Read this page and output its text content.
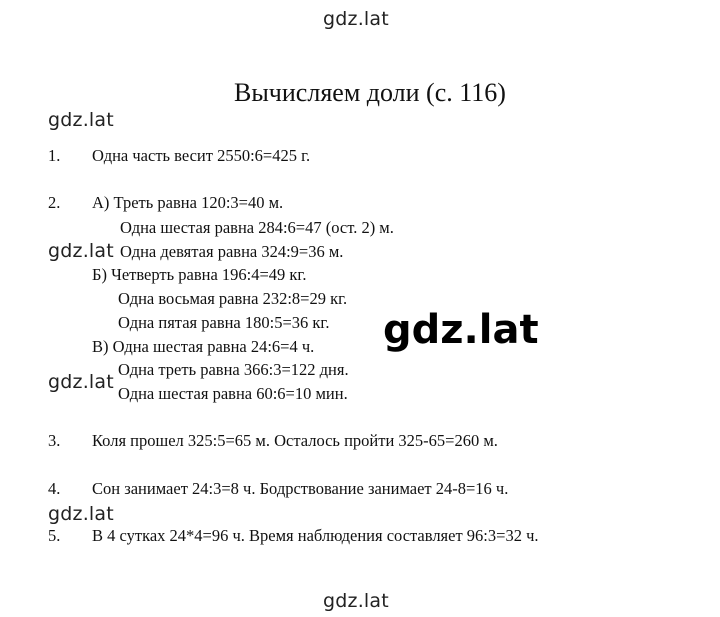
gdz.lat
gdz.lat
Вычисляем доли (с. 116)
1. Одна часть весит 2550:6=425 г.
2. А) Треть равна 120:3=40 м.
Одна шестая равна 284:6=47 (ост. 2) м.
gdz.lat Одна девятая равна 324:9=36 м.
Б) Четверть равна 196:4=49 кг.
Одна восьмая равна 232:8=29 кг.
Одна пятая равна 180:5=36 кг.
В) Одна шестая равна 24:6=4 ч.
gdz.lat
Одна треть равна 366:3=122 дня.
Одна шестая равна 60:6=10 мин.
gdz.lat
3. Коля прошел 325:5=65 м. Осталось пройти 325-65=260 м.
4. Сон занимает 24:3=8 ч. Бодрствование занимает 24-8=16 ч.
gdz.lat
5. В 4 сутках 24*4=96 ч. Время наблюдения составляет 96:3=32 ч.
gdz.lat
